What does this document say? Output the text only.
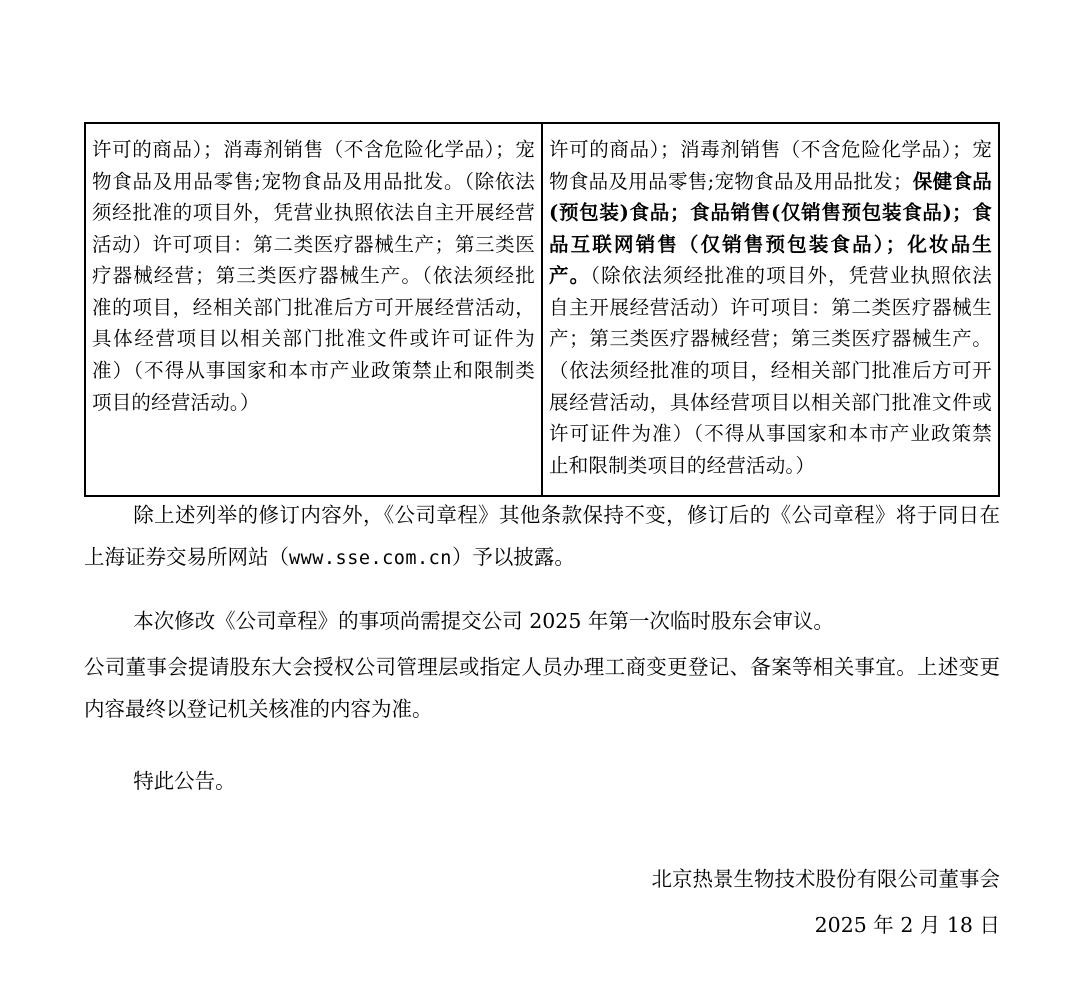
许可的商品）；消毒剂销售（不含危险化学品）；宠物食品及用品零售;宠物食品及用品批发。（除依法须经批准的项目外，凭营业执照依法自主开展经营活动）许可项目：第二类医疗器械生产；第三类医疗器械经营；第三类医疗器械生产。（依法须经批准的项目，经相关部门批准后方可开展经营活动，具体经营项目以相关部门批准文件或许可证件为准）（不得从事国家和本市产业政策禁止和限制类项目的经营活动。）	许可的商品）；消毒剂销售（不含危险化学品）；宠物食品及用品零售;宠物食品及用品批发；保健食品(预包装)食品；食品销售(仅销售预包装食品)；食品互联网销售（仅销售预包装食品）；化妆品生产。（除依法须经批准的项目外，凭营业执照依法自主开展经营活动）许可项目：第二类医疗器械生产；第三类医疗器械经营；第三类医疗器械生产。（依法须经批准的项目，经相关部门批准后方可开展经营活动，具体经营项目以相关部门批准文件或许可证件为准）（不得从事国家和本市产业政策禁止和限制类项目的经营活动。）
除上述列举的修订内容外，《公司章程》其他条款保持不变，修订后的《公司章程》将于同日在上海证券交易所网站（www.sse.com.cn）予以披露。
本次修改《公司章程》的事项尚需提交公司 2025 年第一次临时股东会审议。
公司董事会提请股东大会授权公司管理层或指定人员办理工商变更登记、备案等相关事宜。上述变更内容最终以登记机关核准的内容为准。
特此公告。
北京热景生物技术股份有限公司董事会
2025 年 2 月 18 日
